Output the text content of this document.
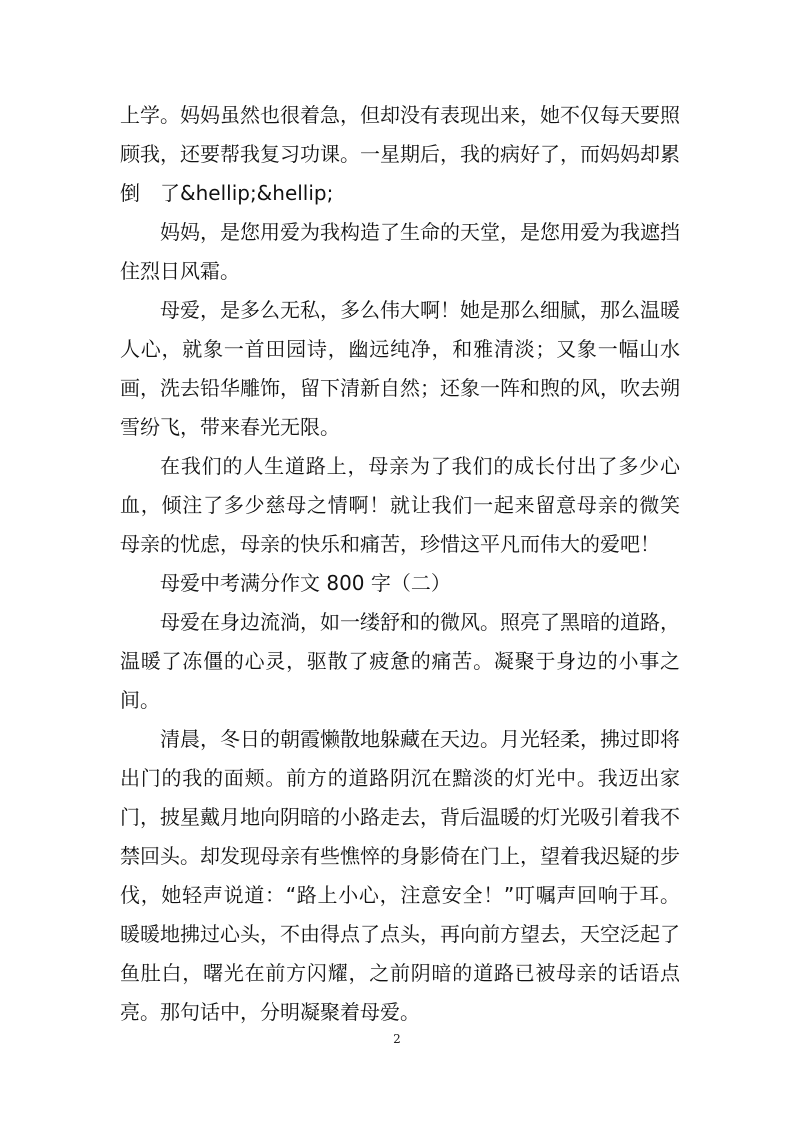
上学。妈妈虽然也很着急，但却没有表现出来，她不仅每天要照顾我，还要帮我复习功课。一星期后，我的病好了，而妈妈却累倒　了&hellip;&hellip;

妈妈，是您用爱为我构造了生命的天堂，是您用爱为我遮挡住烈日风霜。

母爱，是多么无私，多么伟大啊！她是那么细腻，那么温暖人心，就象一首田园诗，幽远纯净，和雅清淡；又象一幅山水画，洗去铅华雕饰，留下清新自然；还象一阵和煦的风，吹去朔雪纷飞，带来春光无限。

在我们的人生道路上，母亲为了我们的成长付出了多少心血，倾注了多少慈母之情啊！就让我们一起来留意母亲的微笑 母亲的忧虑，母亲的快乐和痛苦，珍惜这平凡而伟大的爱吧！

母爱中考满分作文 800 字（二）

母爱在身边流淌，如一缕舒和的微风。照亮了黑暗的道路，温暖了冻僵的心灵，驱散了疲惫的痛苦。凝聚于身边的小事之间。

清晨，冬日的朝霞懒散地躲藏在天边。月光轻柔，拂过即将出门的我的面颊。前方的道路阴沉在黯淡的灯光中。我迈出家门，披星戴月地向阴暗的小路走去，背后温暖的灯光吸引着我不禁回头。却发现母亲有些憔悴的身影倚在门上，望着我迟疑的步伐，她轻声说道：“路上小心，注意安全！”叮嘱声回响于耳。暖暖地拂过心头，不由得点了点头，再向前方望去，天空泛起了鱼肚白，曙光在前方闪耀，之前阴暗的道路已被母亲的话语点亮。那句话中，分明凝聚着母爱。

2
